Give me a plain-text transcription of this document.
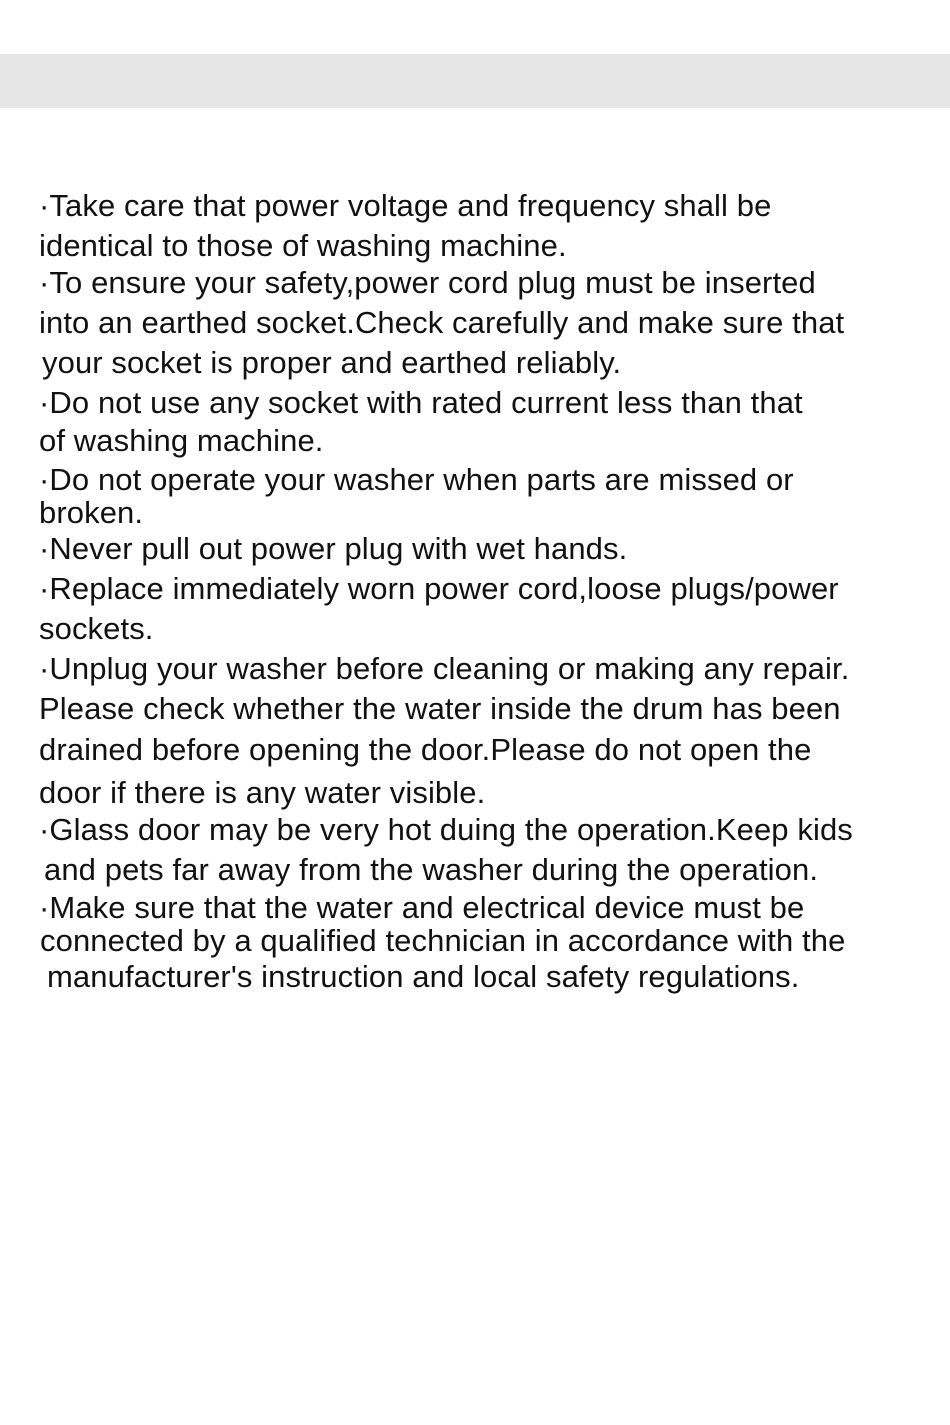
·Take care that power voltage and frequency shall be
identical to those of washing machine.
·To ensure your safety,power cord plug must be inserted
into an earthed socket.Check carefully and make sure that
your socket is proper and earthed reliably.
·Do not use any socket with rated current less than that
of washing machine.
·Do not operate your washer when parts are missed or
broken.
·Never pull out power plug with wet hands.
·Replace immediately worn power cord,loose plugs/power
sockets.
·Unplug your washer before cleaning or making any repair.
Please check whether the water inside the drum has been
drained before opening the door.Please do not open the
door if there is any water visible.
·Glass door may be very hot duing the operation.Keep kids
and pets far away from the washer during the operation.
·Make sure that the water and electrical device must be
connected by a qualified technician in accordance with the
manufacturer's instruction and local safety regulations.
